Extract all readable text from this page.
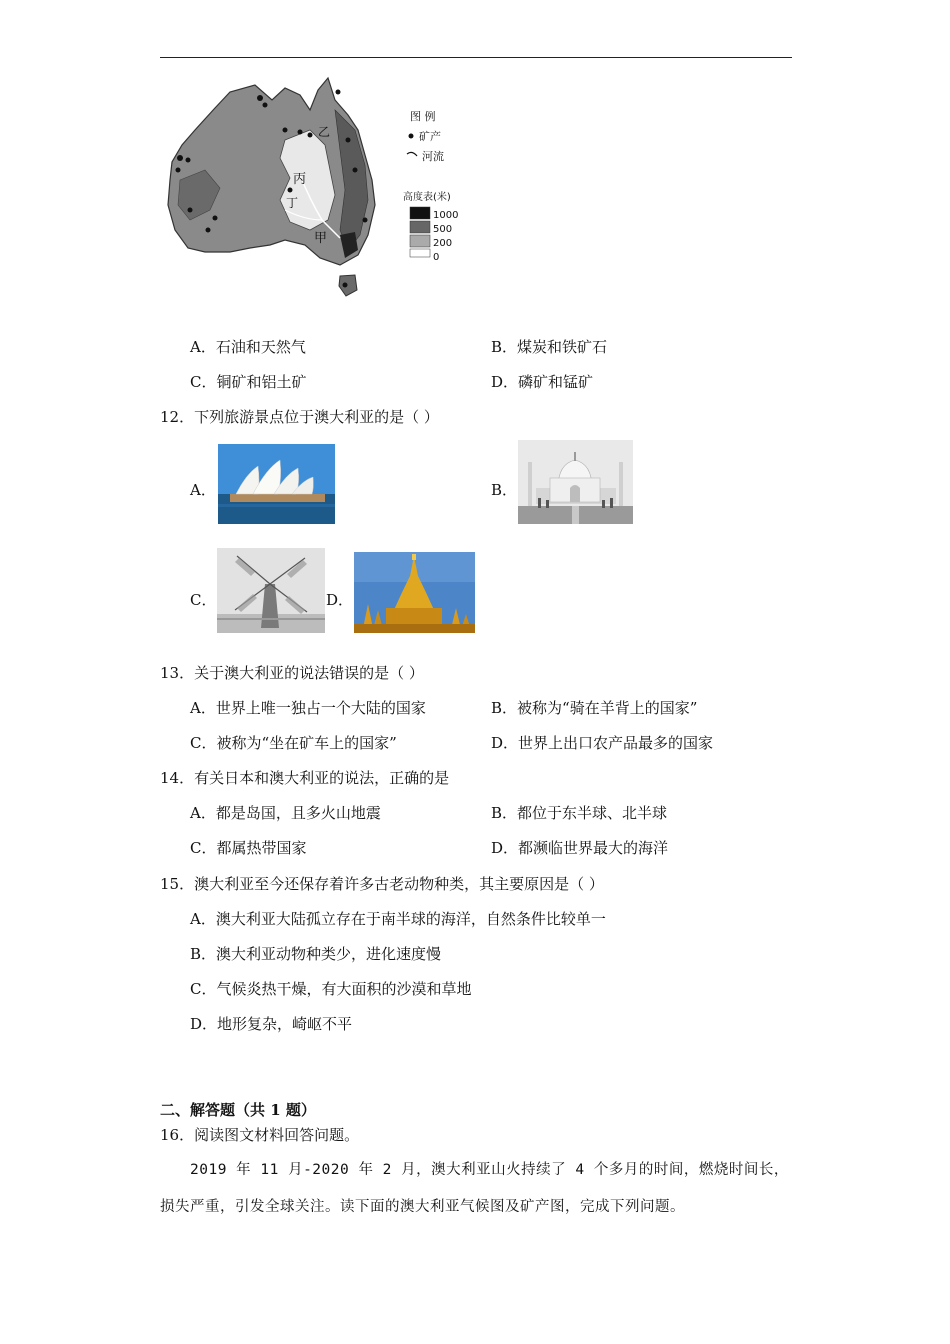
丙
丁
甲
乙
图 例
矿产
河流
高度表(米)
1000
500
200
0
A．石油和天然气	B．煤炭和铁矿石
C．铜矿和铝土矿	D．磷矿和锰矿
12．下列旅游景点位于澳大利亚的是（ ）
A．	B．
C．	D．
13．关于澳大利亚的说法错误的是（ ）
A．世界上唯一独占一个大陆的国家	B．被称为“骑在羊背上的国家”
C．被称为“坐在矿车上的国家”	D．世界上出口农产品最多的国家
14．有关日本和澳大利亚的说法，正确的是
A．都是岛国，且多火山地震	B．都位于东半球、北半球
C．都属热带国家	D．都濒临世界最大的海洋
15．澳大利亚至今还保存着许多古老动物种类，其主要原因是（ ）
A．澳大利亚大陆孤立存在于南半球的海洋，自然条件比较单一
B．澳大利亚动物种类少，进化速度慢
C．气候炎热干燥，有大面积的沙漠和草地
D．地形复杂，崎岖不平
二、解答题（共 1 题）
16．阅读图文材料回答问题。
2019 年 11 月-2020 年 2 月，澳大利亚山火持续了 4 个多月的时间，燃烧时间长，
损失严重，引发全球关注。读下面的澳大利亚气候图及矿产图，完成下列问题。
